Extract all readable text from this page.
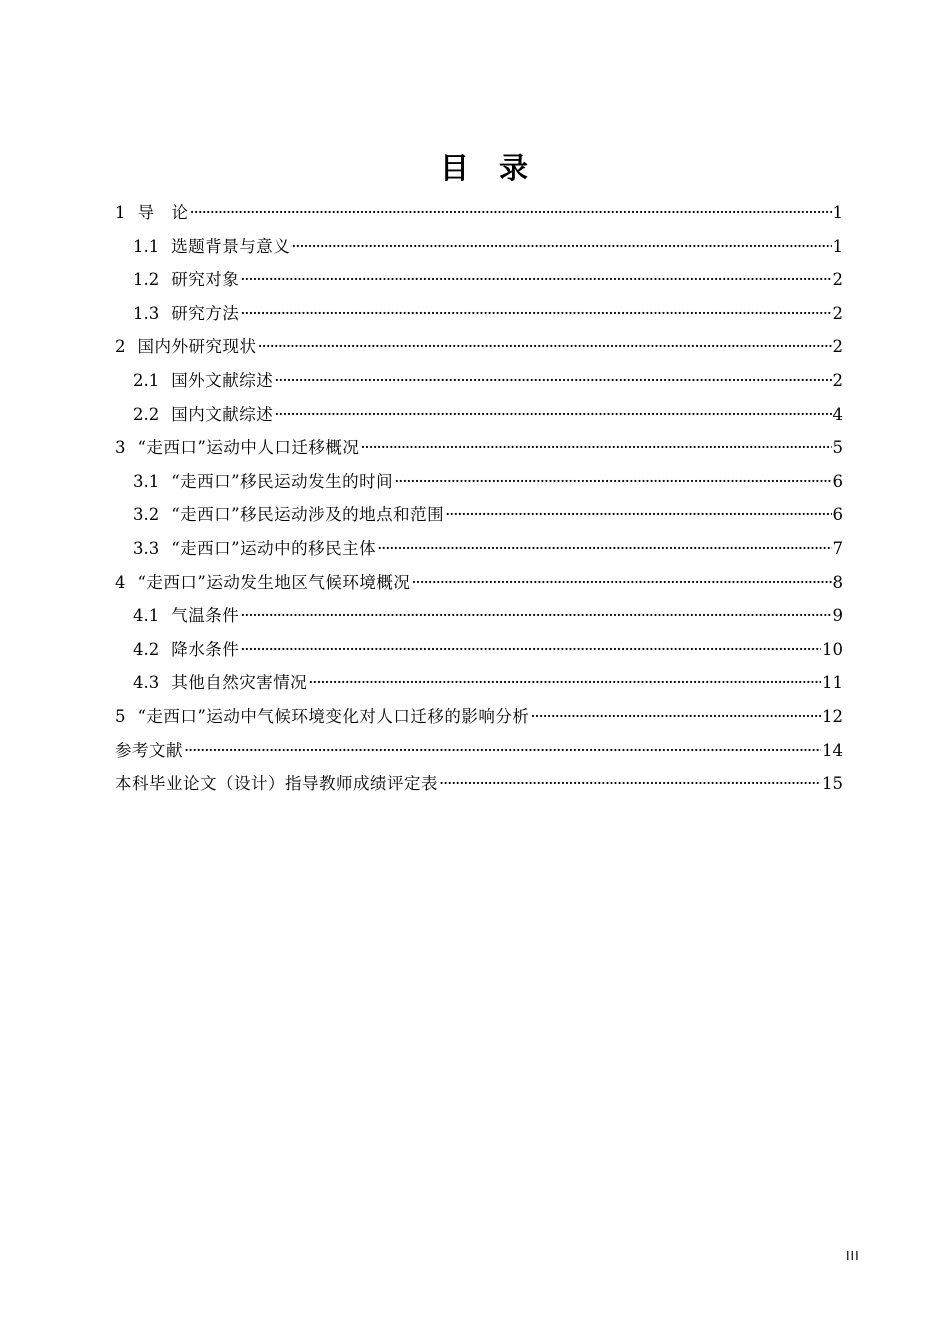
目 录
1 导　论 ·····	1
1.1 选题背景与意义 ·····	1
1.2 研究对象 ·····	2
1.3 研究方法 ·····	2
2 国内外研究现状 ·····	2
2.1 国外文献综述 ·····	2
2.2 国内文献综述 ·····	4
3 “走西口”运动中人口迁移概况 ·····	5
3.1 “走西口”移民运动发生的时间 ·····	6
3.2 “走西口”移民运动涉及的地点和范围 ·····	6
3.3 “走西口”运动中的移民主体 ·····	7
4 “走西口”运动发生地区气候环境概况 ·····	8
4.1 气温条件 ·····	9
4.2 降水条件 ·····	10
4.3 其他自然灾害情况 ·····	11
5 “走西口”运动中气候环境变化对人口迁移的影响分析 ·····	12
参考文献 ·····	14
本科毕业论文（设计）指导教师成绩评定表 ·····	15
III
